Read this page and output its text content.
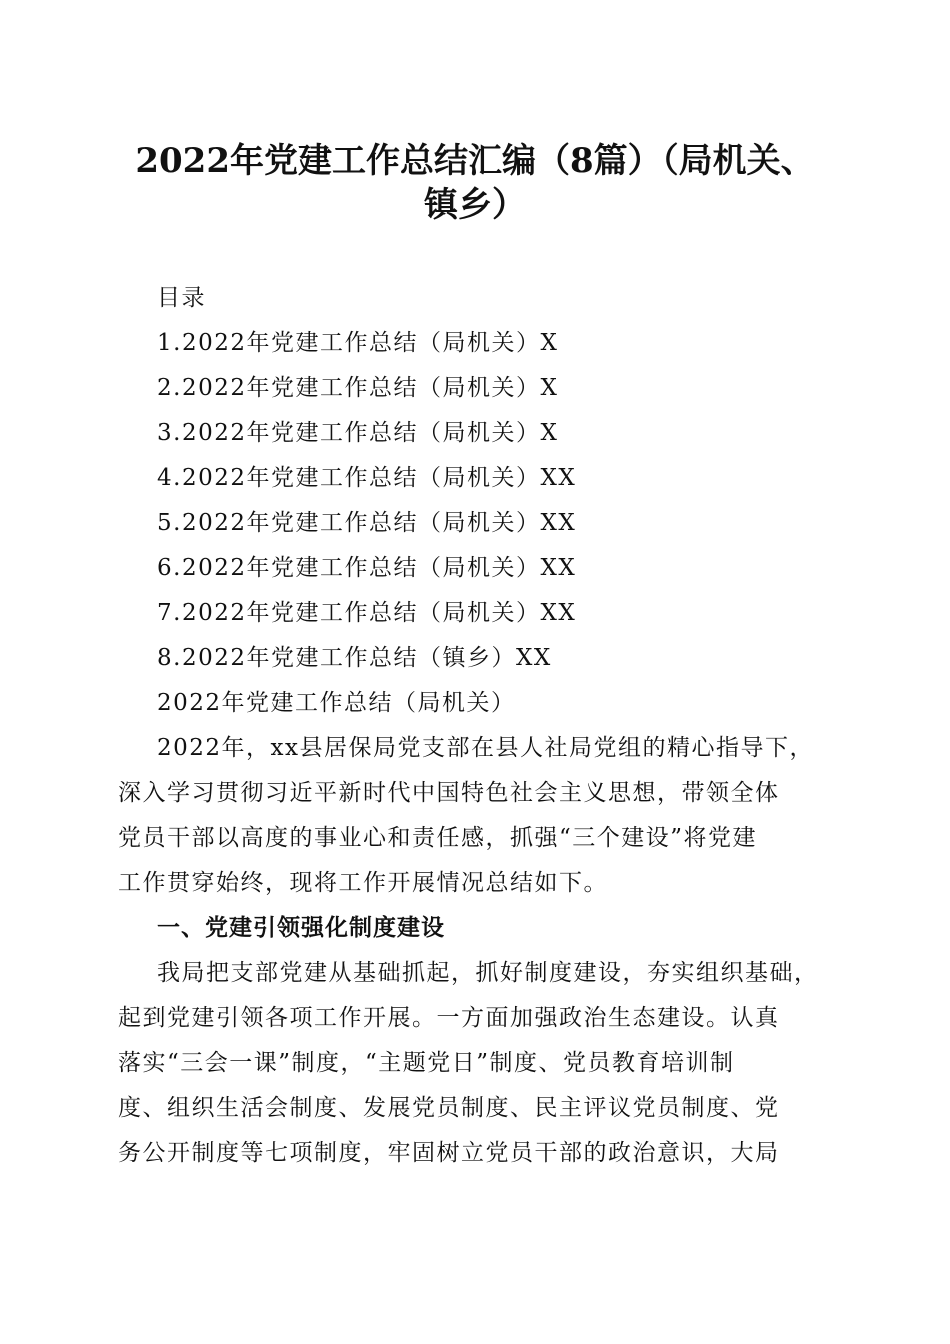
2022年党建工作总结汇编（8篇）（局机关、
镇乡）
目录
1.2022年党建工作总结（局机关）X
2.2022年党建工作总结（局机关）X
3.2022年党建工作总结（局机关）X
4.2022年党建工作总结（局机关）XX
5.2022年党建工作总结（局机关）XX
6.2022年党建工作总结（局机关）XX
7.2022年党建工作总结（局机关）XX
8.2022年党建工作总结（镇乡）XX
2022年党建工作总结（局机关）
2022年，xx县居保局党支部在县人社局党组的精心指导下，
深入学习贯彻习近平新时代中国特色社会主义思想，带领全体
党员干部以高度的事业心和责任感，抓强“三个建设”将党建
工作贯穿始终，现将工作开展情况总结如下。
一、党建引领强化制度建设
我局把支部党建从基础抓起，抓好制度建设，夯实组织基础，
起到党建引领各项工作开展。一方面加强政治生态建设。认真
落实“三会一课”制度，“主题党日”制度、党员教育培训制
度、组织生活会制度、发展党员制度、民主评议党员制度、党
务公开制度等七项制度，牢固树立党员干部的政治意识，大局
